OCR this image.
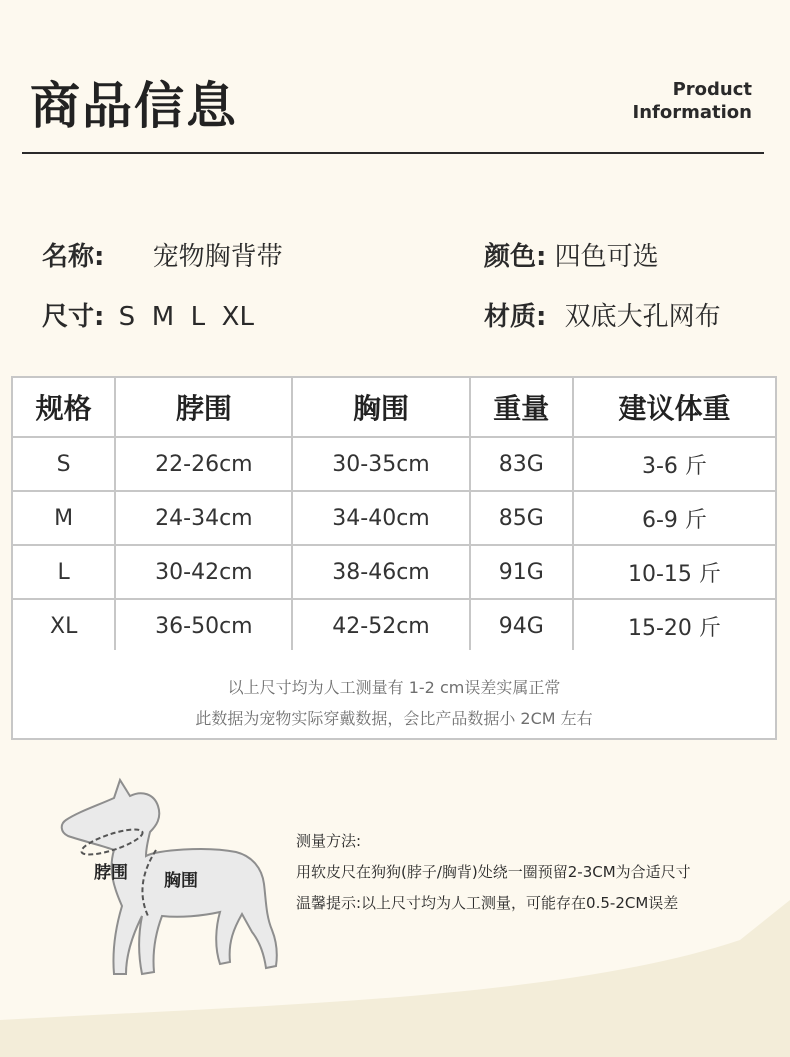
商品信息	Product
Information
名称: 宠物胸背带
尺寸: S  M  L  XL
颜色: 四色可选
材质: 双底大孔网布
规格	脖围	胸围	重量	建议体重
S	22-26cm	30-35cm	83G	3-6 斤
M	24-34cm	34-40cm	85G	6-9 斤
L	30-42cm	38-46cm	91G	10-15 斤
XL	36-50cm	42-52cm	94G	15-20 斤
以上尺寸均为人工测量有 1-2 cm误差实属正常
此数据为宠物实际穿戴数据，会比产品数据小 2CM 左右
脖围 胸围
测量方法:
用软皮尺在狗狗(脖子/胸背)处绕一圈预留2-3CM为合适尺寸
温馨提示:以上尺寸均为人工测量，可能存在0.5-2CM误差
